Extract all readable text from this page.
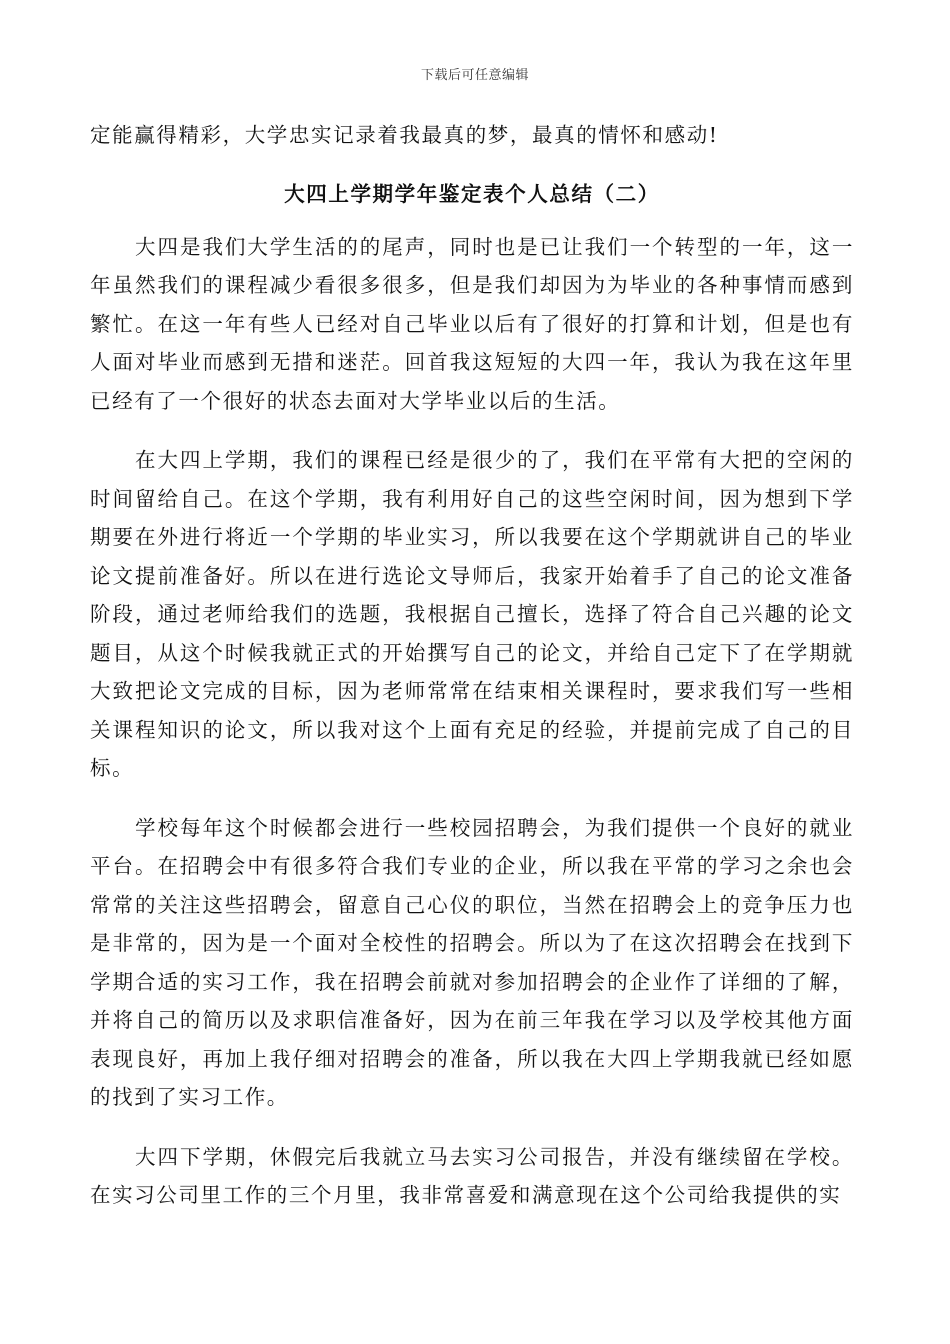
下载后可任意编辑

定能赢得精彩，大学忠实记录着我最真的梦，最真的情怀和感动!

大四上学期学年鉴定表个人总结（二）

大四是我们大学生活的的尾声，同时也是已让我们一个转型的一年，这一年虽然我们的课程减少看很多很多，但是我们却因为为毕业的各种事情而感到繁忙。在这一年有些人已经对自己毕业以后有了很好的打算和计划，但是也有人面对毕业而感到无措和迷茫。回首我这短短的大四一年，我认为我在这年里已经有了一个很好的状态去面对大学毕业以后的生活。

在大四上学期，我们的课程已经是很少的了，我们在平常有大把的空闲的时间留给自己。在这个学期，我有利用好自己的这些空闲时间，因为想到下学期要在外进行将近一个学期的毕业实习，所以我要在这个学期就讲自己的毕业论文提前准备好。所以在进行选论文导师后，我家开始着手了自己的论文准备阶段，通过老师给我们的选题，我根据自己擅长，选择了符合自己兴趣的论文题目，从这个时候我就正式的开始撰写自己的论文，并给自己定下了在学期就大致把论文完成的目标，因为老师常常在结束相关课程时，要求我们写一些相关课程知识的论文，所以我对这个上面有充足的经验，并提前完成了自己的目标。

学校每年这个时候都会进行一些校园招聘会，为我们提供一个良好的就业平台。在招聘会中有很多符合我们专业的企业，所以我在平常的学习之余也会常常的关注这些招聘会，留意自己心仪的职位，当然在招聘会上的竞争压力也是非常的，因为是一个面对全校性的招聘会。所以为了在这次招聘会在找到下学期合适的实习工作，我在招聘会前就对参加招聘会的企业作了详细的了解，并将自己的简历以及求职信准备好，因为在前三年我在学习以及学校其他方面表现良好，再加上我仔细对招聘会的准备，所以我在大四上学期我就已经如愿的找到了实习工作。

大四下学期，休假完后我就立马去实习公司报告，并没有继续留在学校。在实习公司里工作的三个月里，我非常喜爱和满意现在这个公司给我提供的实
